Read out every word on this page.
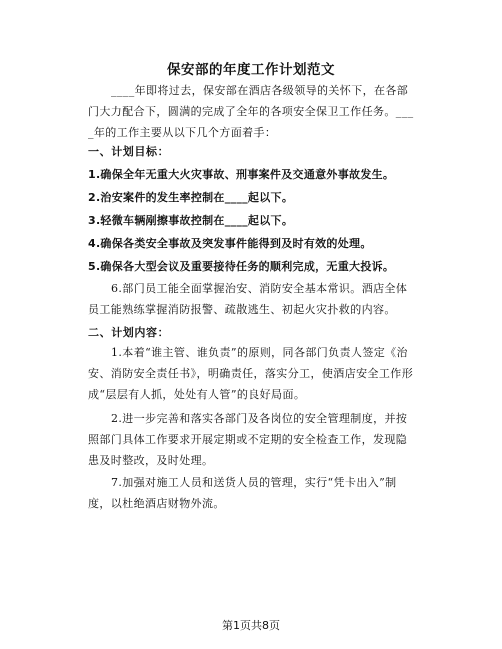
保安部的年度工作计划范文
____年即将过去，保安部在酒店各级领导的关怀下，在各部门大力配合下，圆满的完成了全年的各项安全保卫工作任务。____年的工作主要从以下几个方面着手：
一、计划目标：
1.确保全年无重大火灾事故、刑事案件及交通意外事故发生。
2.治安案件的发生率控制在____起以下。
3.轻微车辆剐擦事故控制在____起以下。
4.确保各类安全事故及突发事件能得到及时有效的处理。
5.确保各大型会议及重要接待任务的顺利完成，无重大投诉。
6.部门员工能全面掌握治安、消防安全基本常识。酒店全体员工能熟练掌握消防报警、疏散逃生、初起火灾扑救的内容。
二、计划内容：
1.本着“谁主管、谁负责”的原则，同各部门负责人签定《治安、消防安全责任书》，明确责任，落实分工，使酒店安全工作形成“层层有人抓，处处有人管”的良好局面。
2.进一步完善和落实各部门及各岗位的安全管理制度，并按照部门具体工作要求开展定期或不定期的安全检查工作，发现隐患及时整改，及时处理。
7.加强对施工人员和送货人员的管理，实行“凭卡出入”制度，以杜绝酒店财物外流。
第1页共8页
